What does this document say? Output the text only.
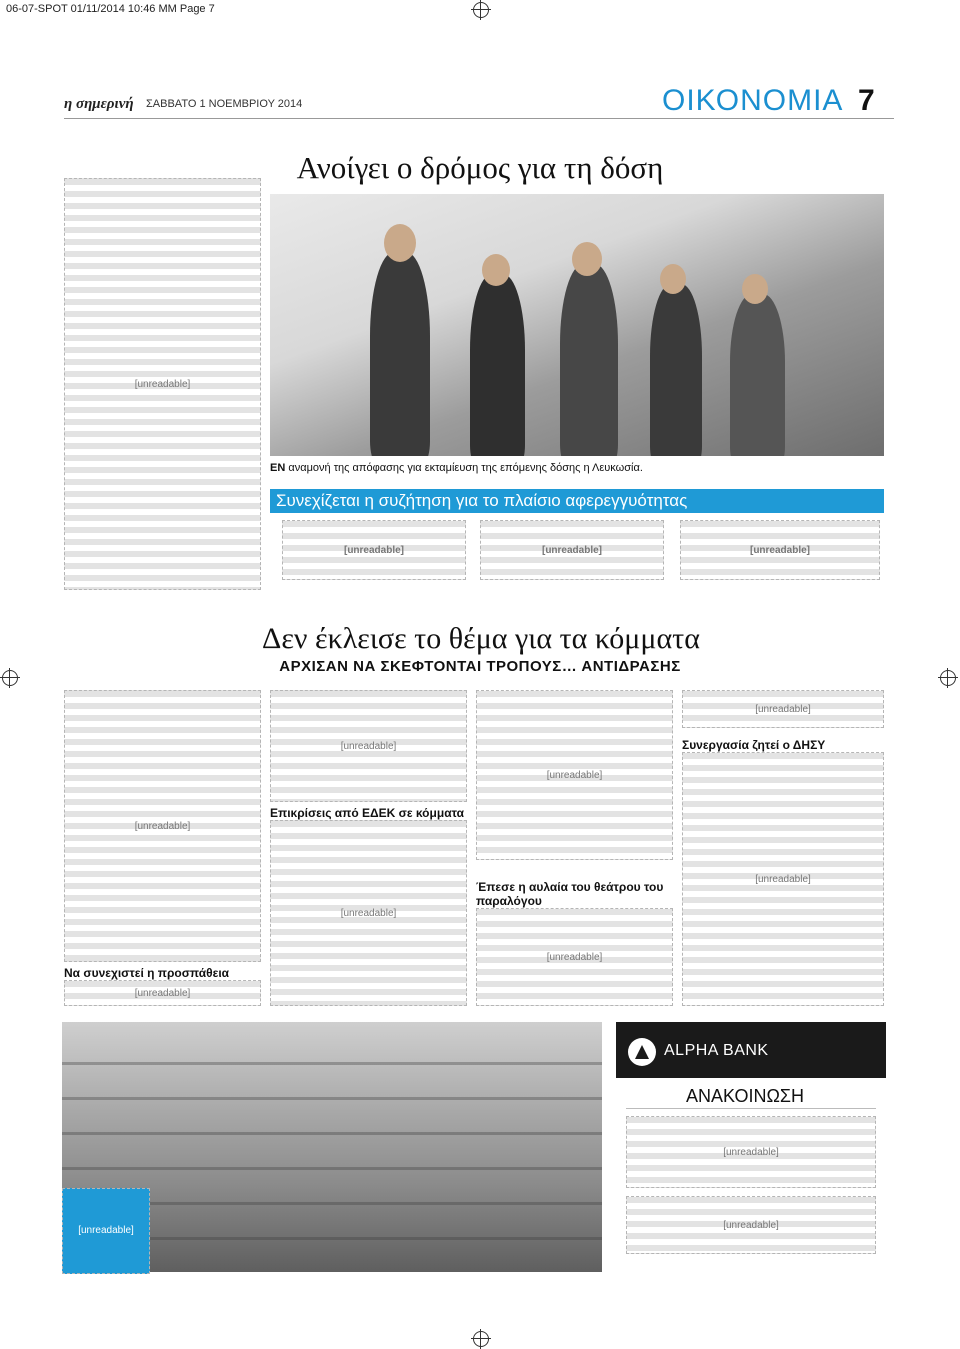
06-07-SPOT 01/11/2014 10:46 MM Page 7
η σημερινή ΣΑΒΒΑΤΟ 1 ΝΟΕΜΒΡΙΟΥ 2014	ΟΙΚΟΝΟΜΙΑ 7
Ανοίγει ο δρόμος για τη δόση
[unreadable]
ΕΝ αναμονή της απόφασης για εκταμίευση της επόμενης δόσης η Λευκωσία.
Συνεχίζεται η συζήτηση για το πλαίσιο αφερεγγυότητας
[unreadable]	[unreadable]	[unreadable]
Δεν έκλεισε το θέμα για τα κόμματα
ΑΡΧΙΣΑΝ ΝΑ ΣΚΕΦΤΟΝΤΑΙ ΤΡΟΠΟΥΣ… ΑΝΤΙΔΡΑΣΗΣ
[unreadable]
Να συνεχιστεί η προσπάθεια
[unreadable]
[unreadable]
Επικρίσεις από ΕΔΕΚ σε κόμματα
[unreadable]
[unreadable]
Έπεσε η αυλαία του θεάτρου του παραλόγου
[unreadable]
[unreadable]
Συνεργασία ζητεί ο ΔΗΣΥ
[unreadable]
[unreadable]
ALPHA BANK
ΑΝΑΚΟΙΝΩΣΗ
[unreadable]
[unreadable]
